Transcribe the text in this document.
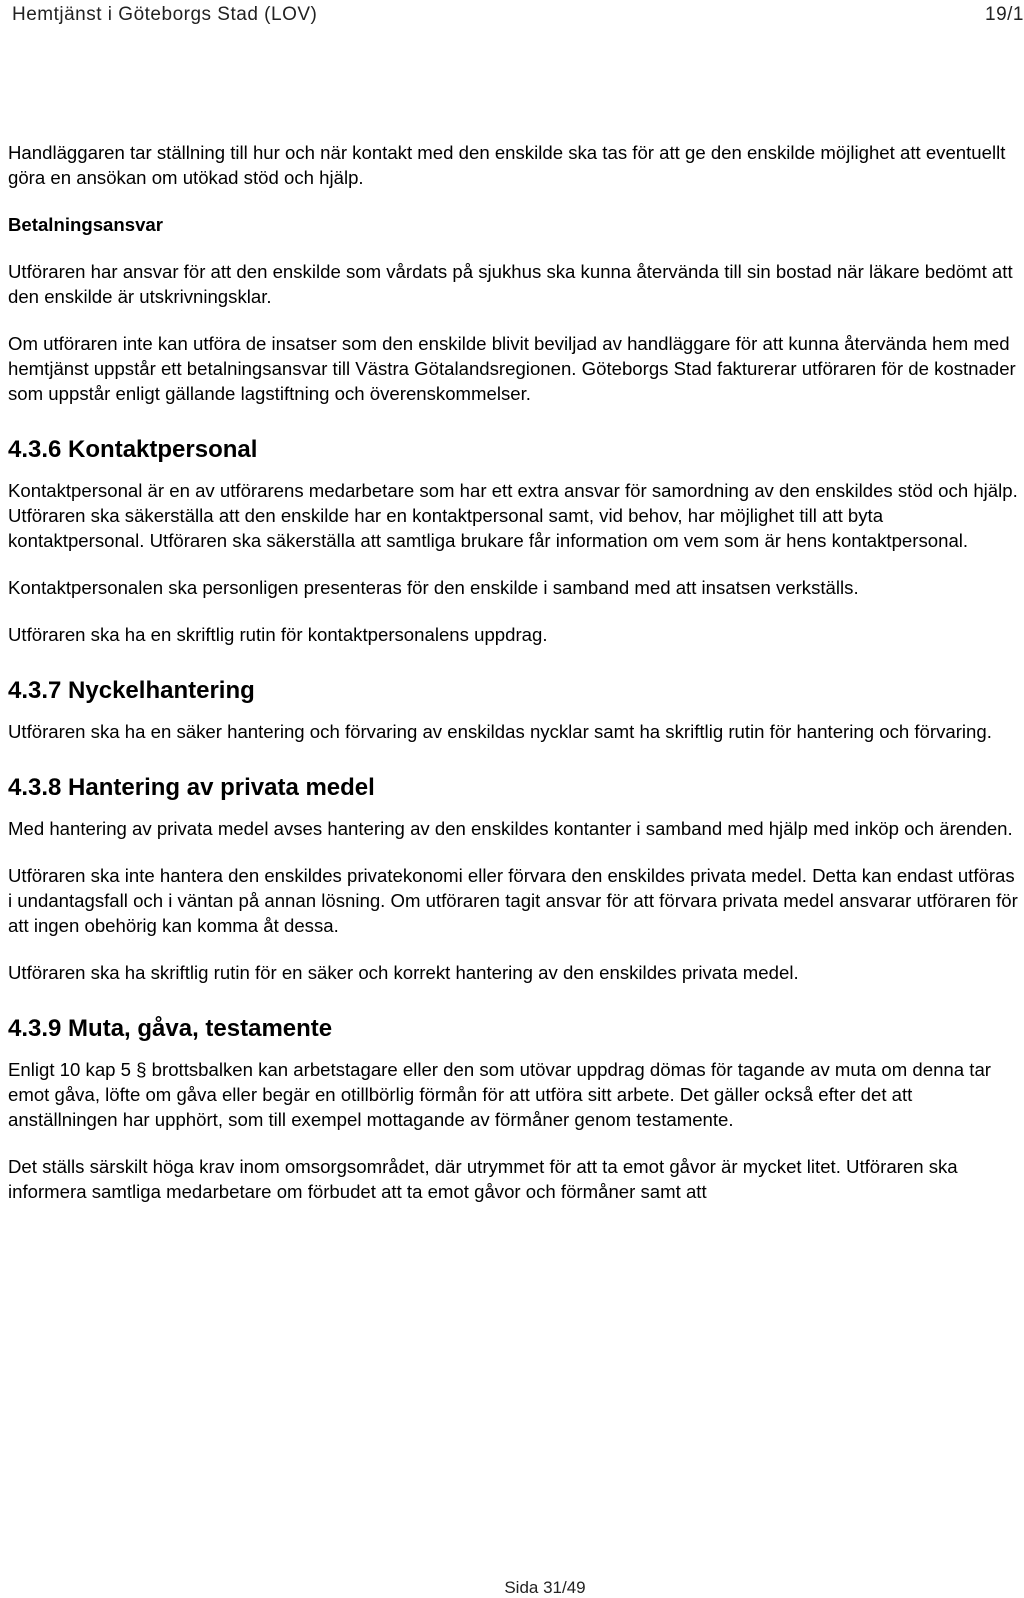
Hemtjänst i Göteborgs Stad (LOV)	19/1

Handläggaren tar ställning till hur och när kontakt med den enskilde ska tas för att ge den enskilde möjlighet att eventuellt göra en ansökan om utökad stöd och hjälp.

Betalningsansvar

Utföraren har ansvar för att den enskilde som vårdats på sjukhus ska kunna återvända till sin bostad när läkare bedömt att den enskilde är utskrivningsklar.

Om utföraren inte kan utföra de insatser som den enskilde blivit beviljad av handläggare för att kunna återvända hem med hemtjänst uppstår ett betalningsansvar till Västra Götalandsregionen. Göteborgs Stad fakturerar utföraren för de kostnader som uppstår enligt gällande lagstiftning och överenskommelser.

4.3.6 Kontaktpersonal

Kontaktpersonal är en av utförarens medarbetare som har ett extra ansvar för samordning av den enskildes stöd och hjälp. Utföraren ska säkerställa att den enskilde har en kontaktpersonal samt, vid behov, har möjlighet till att byta kontaktpersonal. Utföraren ska säkerställa att samtliga brukare får information om vem som är hens kontaktpersonal.

Kontaktpersonalen ska personligen presenteras för den enskilde i samband med att insatsen verkställs.

Utföraren ska ha en skriftlig rutin för kontaktpersonalens uppdrag.

4.3.7 Nyckelhantering

Utföraren ska ha en säker hantering och förvaring av enskildas nycklar samt ha skriftlig rutin för hantering och förvaring.

4.3.8 Hantering av privata medel

Med hantering av privata medel avses hantering av den enskildes kontanter i samband med hjälp med inköp och ärenden.

Utföraren ska inte hantera den enskildes privatekonomi eller förvara den enskildes privata medel. Detta kan endast utföras i undantagsfall och i väntan på annan lösning. Om utföraren tagit ansvar för att förvara privata medel ansvarar utföraren för att ingen obehörig kan komma åt dessa.

Utföraren ska ha skriftlig rutin för en säker och korrekt hantering av den enskildes privata medel.

4.3.9 Muta, gåva, testamente

Enligt 10 kap 5 § brottsbalken kan arbetstagare eller den som utövar uppdrag dömas för tagande av muta om denna tar emot gåva, löfte om gåva eller begär en otillbörlig förmån för att utföra sitt arbete. Det gäller också efter det att anställningen har upphört, som till exempel mottagande av förmåner genom testamente.

Det ställs särskilt höga krav inom omsorgsområdet, där utrymmet för att ta emot gåvor är mycket litet. Utföraren ska informera samtliga medarbetare om förbudet att ta emot gåvor och förmåner samt att

Sida 31/49
